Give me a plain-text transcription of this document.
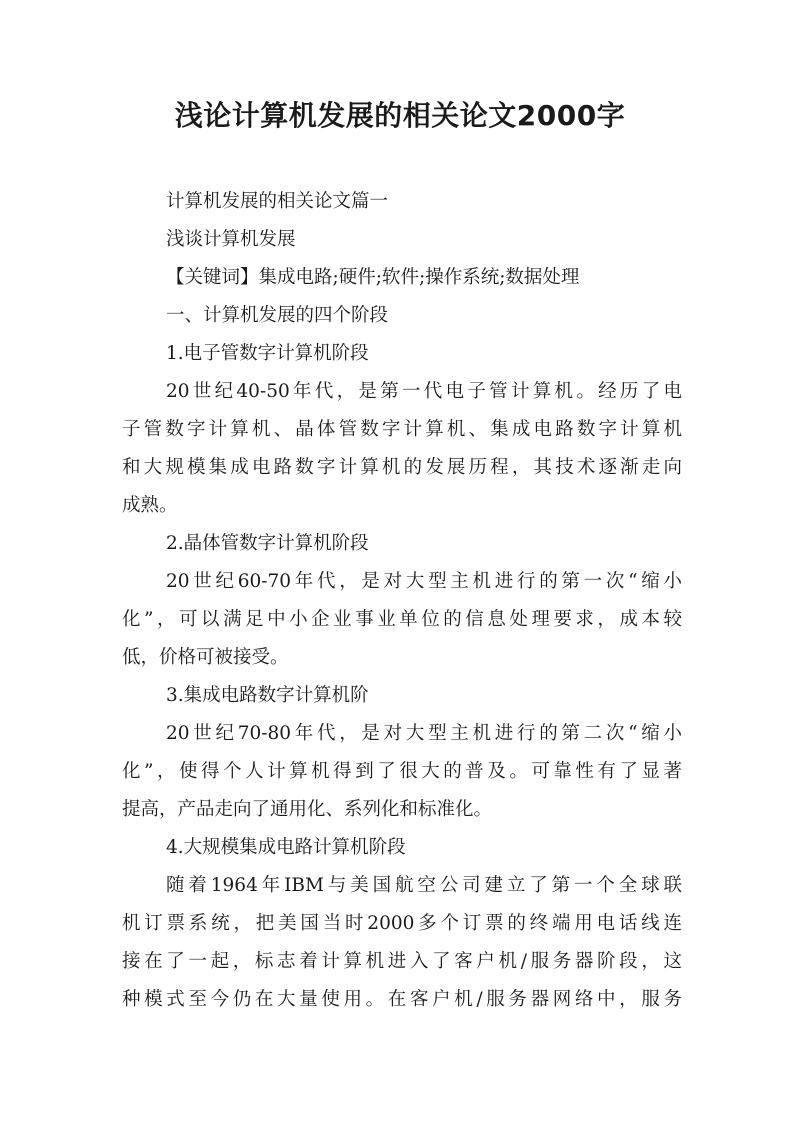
浅论计算机发展的相关论文2000字
计算机发展的相关论文篇一
浅谈计算机发展
【关键词】集成电路;硬件;软件;操作系统;数据处理
一、计算机发展的四个阶段
1.电子管数字计算机阶段
20世纪40-50年代，是第一代电子管计算机。经历了电
子管数字计算机、晶体管数字计算机、集成电路数字计算机
和大规模集成电路数字计算机的发展历程，其技术逐渐走向
成熟。
2.晶体管数字计算机阶段
20世纪60-70年代，是对大型主机进行的第一次“缩小
化”，可以满足中小企业事业单位的信息处理要求，成本较
低，价格可被接受。
3.集成电路数字计算机阶
20世纪70-80年代，是对大型主机进行的第二次“缩小
化”，使得个人计算机得到了很大的普及。可靠性有了显著
提高，产品走向了通用化、系列化和标准化。
4.大规模集成电路计算机阶段
随着1964年IBM与美国航空公司建立了第一个全球联
机订票系统，把美国当时2000多个订票的终端用电话线连
接在了一起，标志着计算机进入了客户机/服务器阶段，这
种模式至今仍在大量使用。在客户机/服务器网络中，服务
